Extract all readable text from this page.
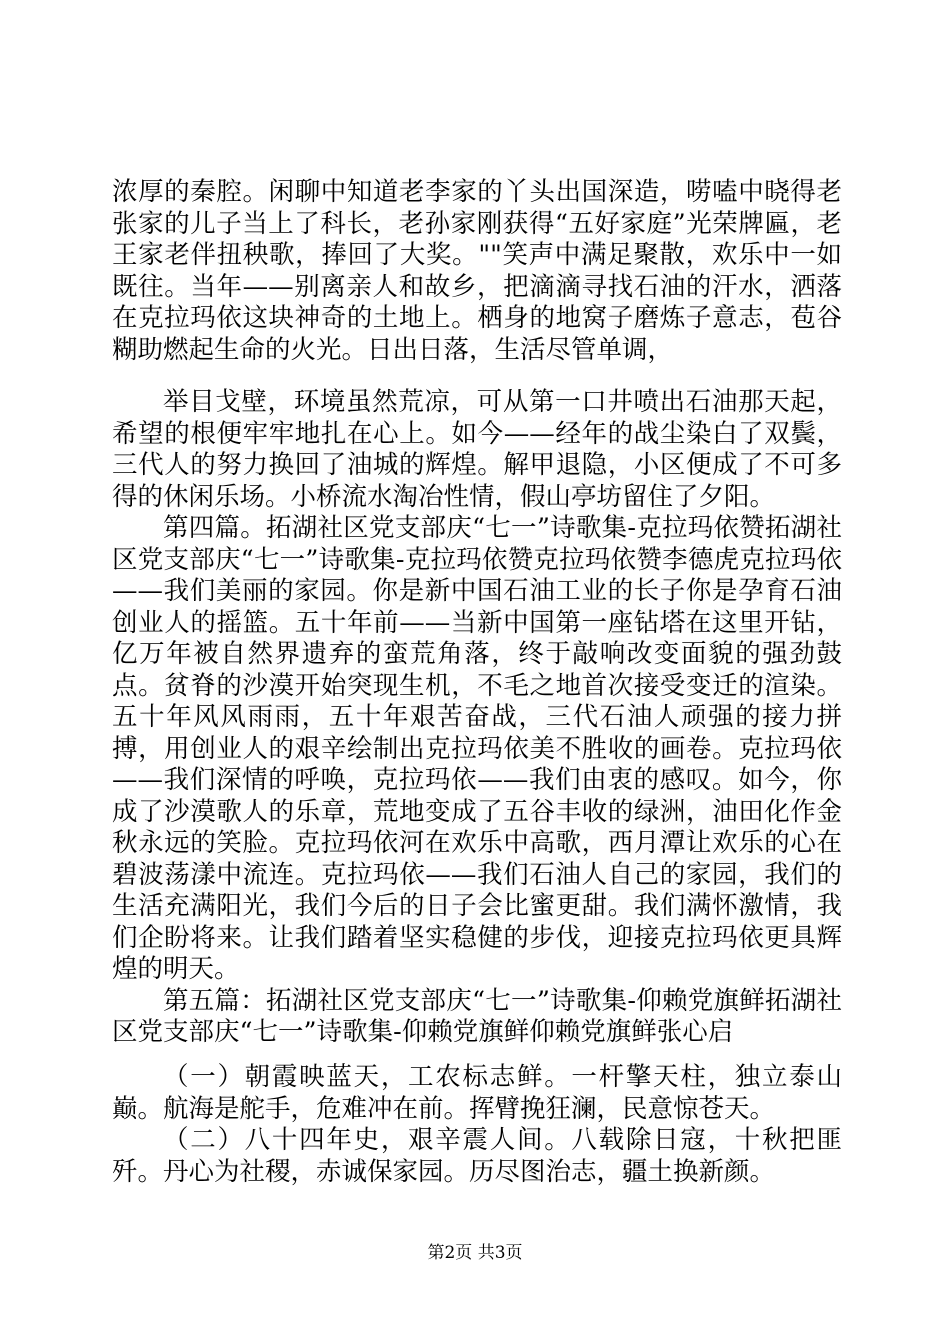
浓厚的秦腔。闲聊中知道老李家的丫头出国深造，唠嗑中晓得老张家的儿子当上了科长，老孙家刚获得“五好家庭”光荣牌匾，老王家老伴扭秧歌，捧回了大奖。""笑声中满足聚散，欢乐中一如既往。当年——别离亲人和故乡，把滴滴寻找石油的汗水，洒落在克拉玛依这块神奇的土地上。栖身的地窝子磨炼子意志，苞谷糊助燃起生命的火光。日出日落，生活尽管单调，

举目戈壁，环境虽然荒凉，可从第一口井喷出石油那天起，希望的根便牢牢地扎在心上。如今——经年的战尘染白了双鬓，三代人的努力换回了油城的辉煌。解甲退隐，小区便成了不可多得的休闲乐场。小桥流水淘冶性情，假山亭坊留住了夕阳。

第四篇。拓湖社区党支部庆“七一”诗歌集-克拉玛依赞拓湖社区党支部庆“七一”诗歌集-克拉玛依赞克拉玛依赞李德虎克拉玛依——我们美丽的家园。你是新中国石油工业的长子你是孕育石油创业人的摇篮。五十年前——当新中国第一座钻塔在这里开钻，亿万年被自然界遗弃的蛮荒角落，终于敲响改变面貌的强劲鼓点。贫脊的沙漠开始突现生机，不毛之地首次接受变迁的渲染。五十年风风雨雨，五十年艰苦奋战，三代石油人顽强的接力拼搏，用创业人的艰辛绘制出克拉玛依美不胜收的画卷。克拉玛依——我们深情的呼唤，克拉玛依——我们由衷的感叹。如今，你成了沙漠歌人的乐章，荒地变成了五谷丰收的绿洲，油田化作金秋永远的笑脸。克拉玛依河在欢乐中高歌，西月潭让欢乐的心在碧波荡漾中流连。克拉玛依——我们石油人自己的家园，我们的生活充满阳光，我们今后的日子会比蜜更甜。我们满怀激情，我们企盼将来。让我们踏着坚实稳健的步伐，迎接克拉玛依更具辉煌的明天。

第五篇：拓湖社区党支部庆“七一”诗歌集-仰赖党旗鲜拓湖社区党支部庆“七一”诗歌集-仰赖党旗鲜仰赖党旗鲜张心启

（一）朝霞映蓝天，工农标志鲜。一杆擎天柱，独立泰山巅。航海是舵手，危难冲在前。挥臂挽狂澜，民意惊苍天。

（二）八十四年史，艰辛震人间。八载除日寇，十秋把匪歼。丹心为社稷，赤诚保家园。历尽图治志，疆土换新颜。

第2页 共3页
